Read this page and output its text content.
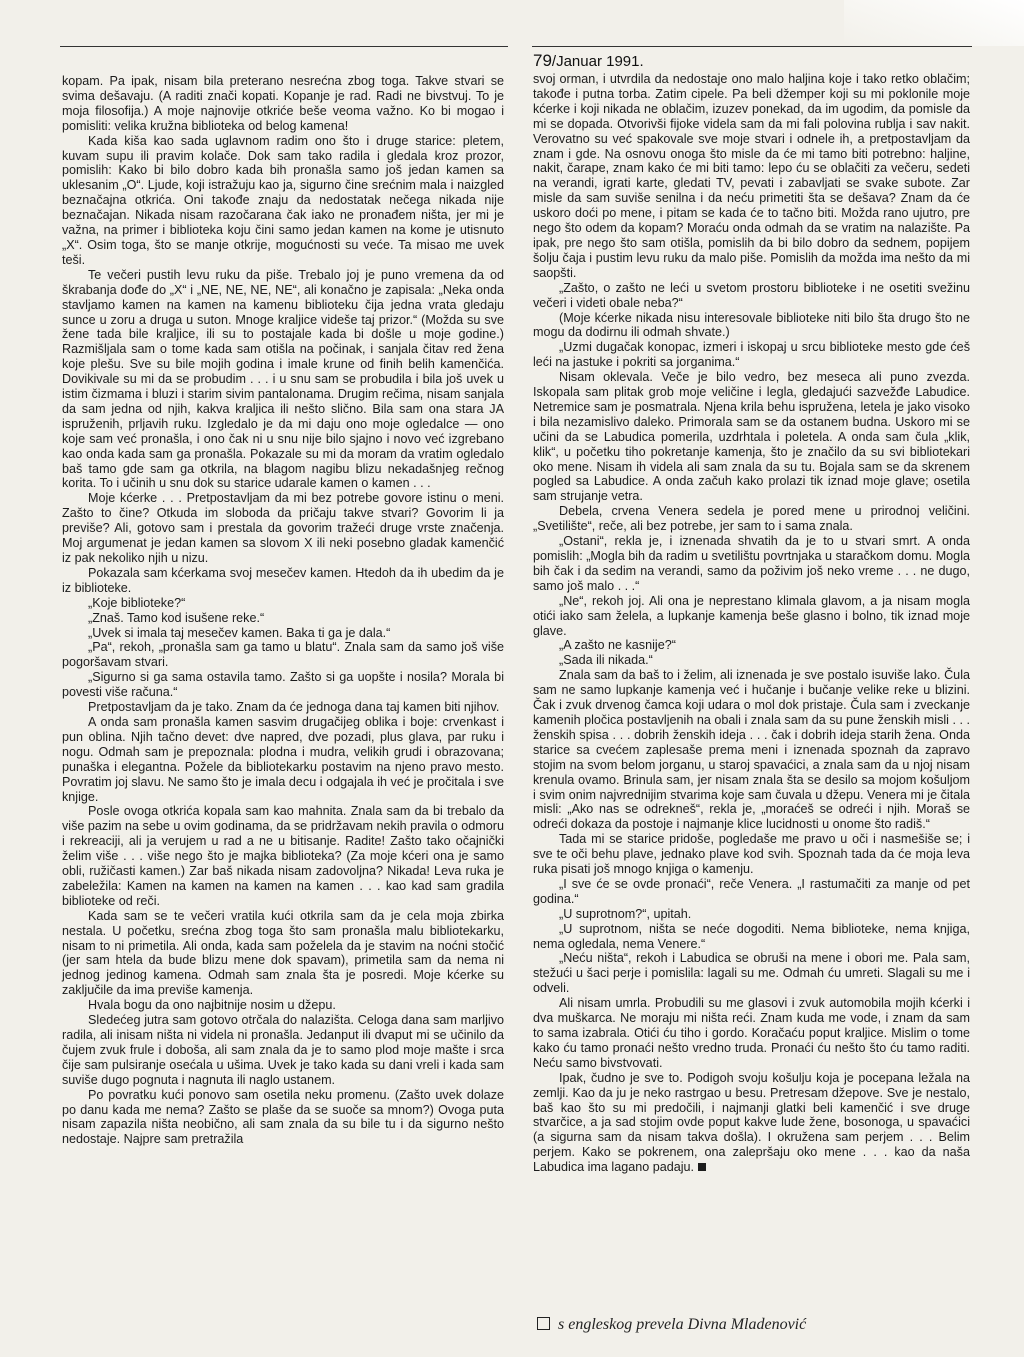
79/Januar 1991.

kopam. Pa ipak, nisam bila preterano nesrećna zbog toga. Takve stvari se svima dešavaju. (A raditi znači kopati. Kopanje je rad. Radi ne bivstvuj. To je moja filosofija.) A moje najnovije otkriće beše veoma važno. Ko bi mogao i pomisliti: velika kružna biblioteka od belog kamena!

Kada kiša kao sada uglavnom radim ono što i druge starice: pletem, kuvam supu ili pravim kolače. Dok sam tako radila i gledala kroz prozor, pomislih: Kako bi bilo dobro kada bih pronašla samo još jedan kamen sa uklesanim „O“. Ljude, koji istražuju kao ja, sigurno čine srećnim mala i naizgled beznačajna otkrića. Oni takođe znaju da nedostatak nečega nikada nije beznačajan. Nikada nisam razočarana čak iako ne pronađem ništa, jer mi je važna, na primer i biblioteka koju čini samo jedan kamen na kome je utisnuto „X“. Osim toga, što se manje otkrije, mogućnosti su veće. Ta misao me uvek teši.

Te večeri pustih levu ruku da piše. Trebalo joj je puno vremena da od škrabanja dođe do „X“ i „NE, NE, NE, NE“, ali konačno je zapisala: „Neka onda stavljamo kamen na kamen na kamenu biblioteku čija jedna vrata gledaju sunce u zoru a druga u suton. Mnoge kraljice videše taj prizor.“ (Možda su sve žene tada bile kraljice, ili su to postajale kada bi došle u moje godine.) Razmišljala sam o tome kada sam otišla na počinak, i sanjala čitav red žena koje plešu. Sve su bile mojih godina i imale krune od finih belih kamenčića. Dovikivale su mi da se probudim . . . i u snu sam se probudila i bila još uvek u istim čizmama i bluzi i starim sivim pantalonama. Drugim rečima, nisam sanjala da sam jedna od njih, kakva kraljica ili nešto slično. Bila sam ona stara JA ispruženih, prljavih ruku. Izgledalo je da mi daju ono moje ogledalce — ono koje sam već pronašla, i ono čak ni u snu nije bilo sjajno i novo već izgrebano kao onda kada sam ga pronašla. Pokazale su mi da moram da vratim ogledalo baš tamo gde sam ga otkrila, na blagom nagibu blizu nekadašnjeg rečnog korita. To i učinih u snu dok su starice udarale kamen o kamen . . .

Moje kćerke . . . Pretpostavljam da mi bez potrebe govore istinu o meni. Zašto to čine? Otkuda im sloboda da pričaju takve stvari? Govorim li ja previše? Ali, gotovo sam i prestala da govorim tražeći druge vrste značenja. Moj argumenat je jedan kamen sa slovom X ili neki posebno gladak kamenčić iz pak nekoliko njih u nizu.

Pokazala sam kćerkama svoj mesečev kamen. Htedoh da ih ubedim da je iz biblioteke.

„Koje biblioteke?“

„Znaš. Tamo kod isušene reke.“

„Uvek si imala taj mesečev kamen. Baka ti ga je dala.“

„Pa“, rekoh, „pronašla sam ga tamo u blatu“. Znala sam da samo još više pogoršavam stvari.

„Sigurno si ga sama ostavila tamo. Zašto si ga uopšte i nosila? Morala bi povesti više računa.“

Pretpostavljam da je tako. Znam da će jednoga dana taj kamen biti njihov.

A onda sam pronašla kamen sasvim drugačijeg oblika i boje: crvenkast i pun oblina. Njih tačno devet: dve napred, dve pozadi, plus glava, par ruku i nogu. Odmah sam je prepoznala: plodna i mudra, velikih grudi i obrazovana; punaška i elegantna. Požele da bibliotekarku postavim na njeno pravo mesto. Povratim joj slavu. Ne samo što je imala decu i odgajala ih već je pročitala i sve knjige.

Posle ovoga otkrića kopala sam kao mahnita. Znala sam da bi trebalo da više pazim na sebe u ovim godinama, da se pridržavam nekih pravila o odmoru i rekreaciji, ali ja verujem u rad a ne u bitisanje. Radite! Zašto tako očajnički želim više . . . više nego što je majka biblioteka? (Za moje kćeri ona je samo obli, ružičasti kamen.) Zar baš nikada nisam zadovoljna? Nikada! Leva ruka je zabeležila: Kamen na kamen na kamen na kamen . . . kao kad sam gradila biblioteke od reči.

Kada sam se te večeri vratila kući otkrila sam da je cela moja zbirka nestala. U početku, srećna zbog toga što sam pronašla malu bibliotekarku, nisam to ni primetila. Ali onda, kada sam poželela da je stavim na noćni stočić (jer sam htela da bude blizu mene dok spavam), primetila sam da nema ni jednog jedinog kamena. Odmah sam znala šta je posredi. Moje kćerke su zaključile da ima previše kamenja.

Hvala bogu da ono najbitnije nosim u džepu.

Sledećeg jutra sam gotovo otrčala do nalazišta. Celoga dana sam marljivo radila, ali inisam ništa ni videla ni pronašla. Jedanput ili dvaput mi se učinilo da čujem zvuk frule i doboša, ali sam znala da je to samo plod moje mašte i srca čije sam pulsiranje osećala u ušima. Uvek je tako kada su dani vreli i kada sam suviše dugo pognuta i nagnuta ili naglo ustanem.

Po povratku kući ponovo sam osetila neku promenu. (Zašto uvek dolaze po danu kada me nema? Zašto se plaše da se suoče sa mnom?) Ovoga puta nisam zapazila ništa neobično, ali sam znala da su bile tu i da sigurno nešto nedostaje. Najpre sam pretražila

svoj orman, i utvrdila da nedostaje ono malo haljina koje i tako retko oblačim; takođe i putna torba. Zatim cipele. Pa beli džemper koji su mi poklonile moje kćerke i koji nikada ne oblačim, izuzev ponekad, da im ugodim, da pomisle da mi se dopada. Otvorivši fijoke videla sam da mi fali polovina rublja i sav nakit. Verovatno su već spakovale sve moje stvari i odnele ih, a pretpostavljam da znam i gde. Na osnovu onoga što misle da će mi tamo biti potrebno: haljine, nakit, čarape, znam kako će mi biti tamo: lepo ću se oblačiti za večeru, sedeti na verandi, igrati karte, gledati TV, pevati i zabavljati se svake subote. Zar misle da sam suviše senilna i da neću primetiti šta se dešava? Znam da će uskoro doći po mene, i pitam se kada će to tačno biti. Možda rano ujutro, pre nego što odem da kopam? Moraću onda odmah da se vratim na nalazište. Pa ipak, pre nego što sam otišla, pomislih da bi bilo dobro da sednem, popijem šolju čaja i pustim levu ruku da malo piše. Pomislih da možda ima nešto da mi saopšti.

„Zašto, o zašto ne leći u svetom prostoru biblioteke i ne osetiti svežinu večeri i videti obale neba?“

(Moje kćerke nikada nisu interesovale biblioteke niti bilo šta drugo što ne mogu da dodirnu ili odmah shvate.)

„Uzmi dugačak konopac, izmeri i iskopaj u srcu biblioteke mesto gde ćeš leći na jastuke i pokriti sa jorganima.“

Nisam oklevala. Veče je bilo vedro, bez meseca ali puno zvezda. Iskopala sam plitak grob moje veličine i legla, gledajući sazvežđe Labudice. Netremice sam je posmatrala. Njena krila behu ispružena, letela je jako visoko i bila nezamislivo daleko. Primorala sam se da ostanem budna. Uskoro mi se učini da se Labudica pomerila, uzdrhtala i poletela. A onda sam čula „klik, klik“, u početku tiho pokretanje kamenja, što je značilo da su svi bibliotekari oko mene. Nisam ih videla ali sam znala da su tu. Bojala sam se da skrenem pogled sa Labudice. A onda začuh kako prolazi tik iznad moje glave; osetila sam strujanje vetra.

Debela, crvena Venera sedela je pored mene u prirodnoj veličini. „Svetilište“, reče, ali bez potrebe, jer sam to i sama znala.

„Ostani“, rekla je, i iznenada shvatih da je to u stvari smrt. A onda pomislih: „Mogla bih da radim u svetilištu povrtnjaka u staračkom domu. Mogla bih čak i da sedim na verandi, samo da poživim još neko vreme . . . ne dugo, samo još malo . . .“

„Ne“, rekoh joj. Ali ona je neprestano klimala glavom, a ja nisam mogla otići iako sam želela, a lupkanje kamenja beše glasno i bolno, tik iznad moje glave.

„A zašto ne kasnije?“

„Sada ili nikada.“

Znala sam da baš to i želim, ali iznenada je sve postalo isuviše lako. Čula sam ne samo lupkanje kamenja već i hučanje i bučanje velike reke u blizini. Čak i zvuk drvenog čamca koji udara o mol dok pristaje. Čula sam i zveckanje kamenih pločica postavljenih na obali i znala sam da su pune ženskih misli . . . ženskih spisa . . . dobrih ženskih ideja . . . čak i dobrih ideja starih žena. Onda starice sa cvećem zaplesaše prema meni i iznenada spoznah da zapravo stojim na svom belom jorganu, u staroj spavaćici, a znala sam da u njoj nisam krenula ovamo. Brinula sam, jer nisam znala šta se desilo sa mojom košuljom i svim onim najvrednijim stvarima koje sam čuvala u džepu. Venera mi je čitala misli: „Ako nas se odrekneš“, rekla je, „moraćeš se odreći i njih. Moraš se odreći dokaza da postoje i najmanje klice lucidnosti u onome što radiš.“

Tada mi se starice pridoše, pogledaše me pravo u oči i nasmešiše se; i sve te oči behu plave, jednako plave kod svih. Spoznah tada da će moja leva ruka pisati još mnogo knjiga o kamenju.

„I sve će se ovde pronaći“, reče Venera. „I rastumačiti za manje od pet godina.“

„U suprotnom?“, upitah.

„U suprotnom, ništa se neće dogoditi. Nema biblioteke, nema knjiga, nema ogledala, nema Venere.“

„Neću ništa“, rekoh i Labudica se obruši na mene i obori me. Pala sam, stežući u šaci perje i pomislila: lagali su me. Odmah ću umreti. Slagali su me i odveli.

Ali nisam umrla. Probudili su me glasovi i zvuk automobila mojih kćerki i dva muškarca. Ne moraju mi ništa reći. Znam kuda me vode, i znam da sam to sama izabrala. Otići ću tiho i gordo. Koračaću poput kraljice. Mislim o tome kako ću tamo pronaći nešto vredno truda. Pronaći ću nešto što ću tamo raditi. Neću samo bivstvovati.

Ipak, čudno je sve to. Podigoh svoju košulju koja je pocepana ležala na zemlji. Kao da ju je neko rastrgao u besu. Pretresam džepove. Sve je nestalo, baš kao što su mi predočili, i najmanji glatki beli kamenčić i sve druge stvarčice, a ja sad stojim ovde poput kakve lude žene, bosonoga, u spavaćici (a sigurna sam da nisam takva došla). I okružena sam perjem . . . Belim perjem. Kako se pokrenem, ona zalepršaju oko mene . . . kao da naša Labudica ima lagano padaju.

s engleskog prevela Divna Mladenović
